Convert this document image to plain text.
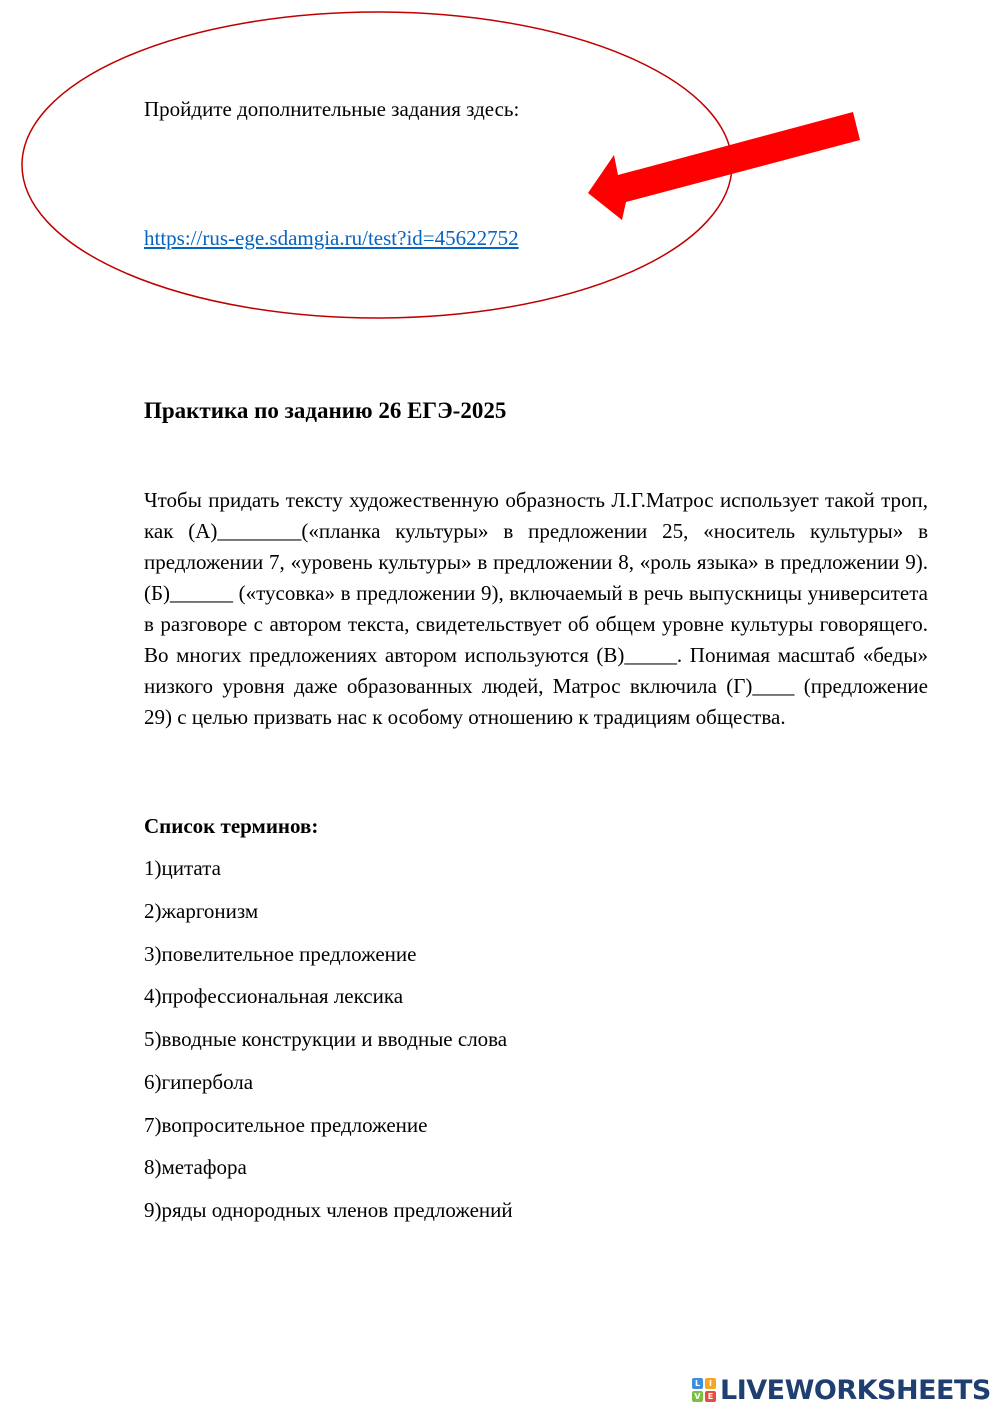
Пройдите дополнительные задания здесь:
https://rus-ege.sdamgia.ru/test?id=45622752
Практика по заданию 26 ЕГЭ-2025

Чтобы придать тексту художественную образность Л.Г.Матрос использует такой троп, как (А)________(«планка культуры» в предложении 25, «носитель культуры» в предложении 7, «уровень культуры» в предложении 8, «роль языка» в предложении 9). (Б)______ («тусовка» в предложении 9), включаемый в речь выпускницы университета в разговоре с автором текста, свидетельствует об общем уровне культуры говорящего. Во многих предложениях автором используются (В)_____. Понимая масштаб «беды» низкого уровня даже образованных людей, Матрос включила (Г)____ (предложение 29) с целью призвать нас к особому отношению к традициям общества.

Список терминов:
1)цитата
2)жаргонизм
3)повелительное предложение
4)профессиональная лексика
5)вводные конструкции и вводные слова
6)гипербола
7)вопросительное предложение
8)метафора
9)ряды однородных членов предложений
L	I
V E LIVEWORKSHEETS
